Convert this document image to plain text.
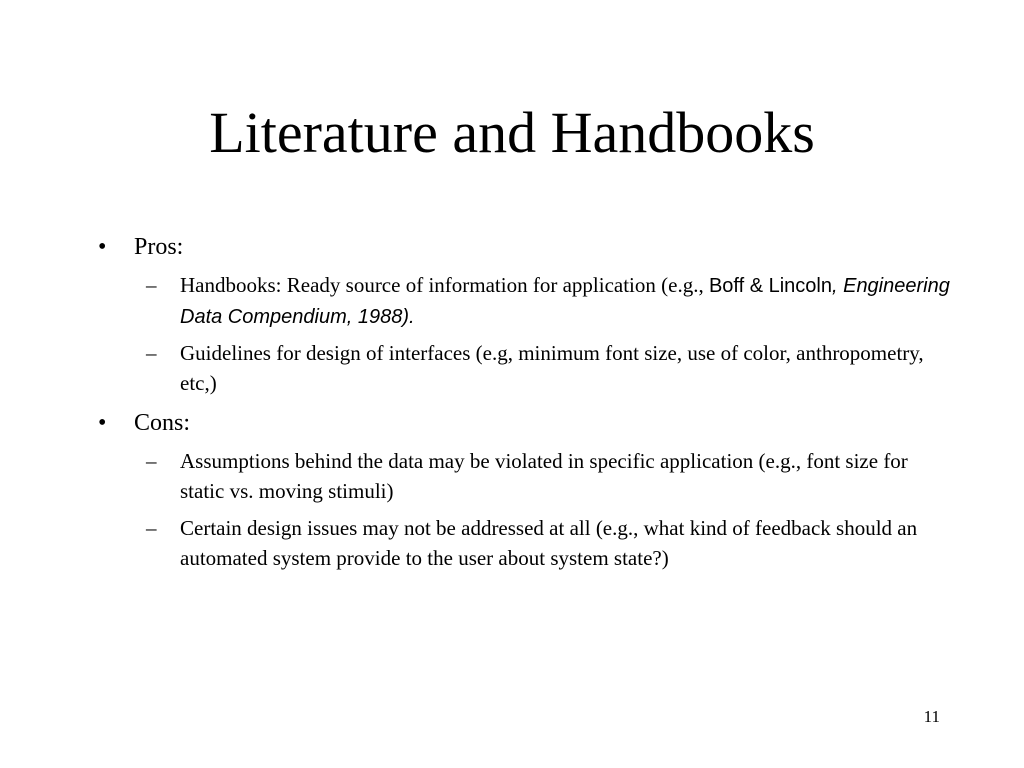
Literature and Handbooks
• Pros:
– Handbooks: Ready source of information for application (e.g., Boff & Lincoln, Engineering Data Compendium, 1988).
– Guidelines for design of interfaces (e.g, minimum font size, use of color, anthropometry, etc,)
• Cons:
– Assumptions behind the data may be violated in specific application (e.g., font size for static vs. moving stimuli)
– Certain design issues may not be addressed at all (e.g., what kind of feedback should an automated system provide to the user about system state?)
11
